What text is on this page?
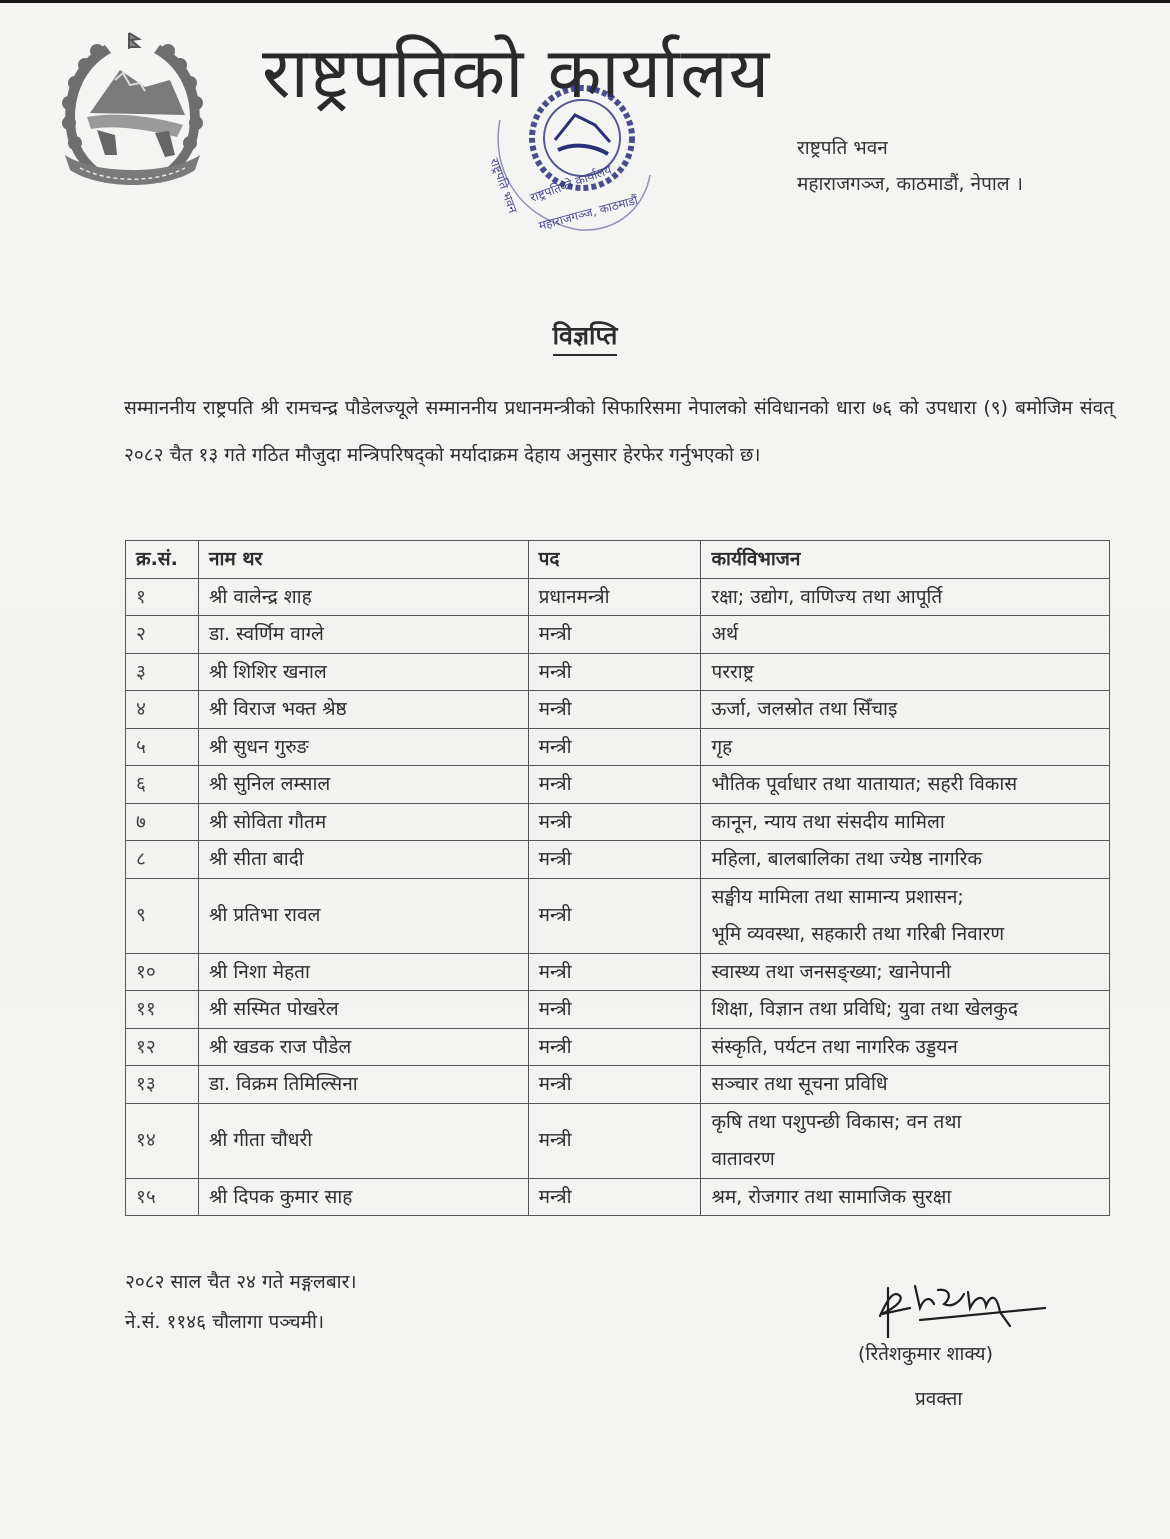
राष्ट्रपतिको कार्यालय
राष्ट्रपति भवन राष्ट्रपतिको कार्यालय
महाराजगञ्ज, काठमाडौं
राष्ट्रपति भवन
महाराजगञ्ज, काठमाडौं, नेपाल ।
विज्ञप्ति
सम्माननीय राष्ट्रपति श्री रामचन्द्र पौडेलज्यूले सम्माननीय प्रधानमन्त्रीको सिफारिसमा नेपालको संविधानको धारा ७६ को उपधारा (९) बमोजिम संवत् २०८२ चैत १३ गते गठित मौजुदा मन्त्रिपरिषद्को मर्यादाक्रम देहाय अनुसार हेरफेर गर्नुभएको छ।
क्र.सं.	नाम थर	पद	कार्यविभाजन
१	श्री वालेन्द्र शाह	प्रधानमन्त्री	रक्षा; उद्योग, वाणिज्य तथा आपूर्ति
२	डा. स्वर्णिम वाग्ले	मन्त्री	अर्थ
३	श्री शिशिर खनाल	मन्त्री	परराष्ट्र
४	श्री विराज भक्त श्रेष्ठ	मन्त्री	ऊर्जा, जलस्रोत तथा सिँचाइ
५	श्री सुधन गुरुङ	मन्त्री	गृह
६	श्री सुनिल लम्साल	मन्त्री	भौतिक पूर्वाधार तथा यातायात; सहरी विकास
७	श्री सोविता गौतम	मन्त्री	कानून, न्याय तथा संसदीय मामिला
८	श्री सीता बादी	मन्त्री	महिला, बालबालिका तथा ज्येष्ठ नागरिक
९	श्री प्रतिभा रावल	मन्त्री	सङ्घीय मामिला तथा सामान्य प्रशासन;
भूमि व्यवस्था, सहकारी तथा गरिबी निवारण

१०	श्री निशा मेहता	मन्त्री	स्वास्थ्य तथा जनसङ्ख्या; खानेपानी
११	श्री सस्मित पोखरेल	मन्त्री	शिक्षा, विज्ञान तथा प्रविधि; युवा तथा खेलकुद
१२	श्री खडक राज पौडेल	मन्त्री	संस्कृति, पर्यटन तथा नागरिक उड्डयन
१३	डा. विक्रम तिमिल्सिना	मन्त्री	सञ्चार तथा सूचना प्रविधि
१४	श्री गीता चौधरी	मन्त्री	कृषि तथा पशुपन्छी विकास; वन तथा
वातावरण

१५	श्री दिपक कुमार साह	मन्त्री	श्रम, रोजगार तथा सामाजिक सुरक्षा
२०८२ साल चैत २४ गते मङ्गलबार।
ने.सं. ११४६ चौलागा पञ्चमी।
(रितेशकुमार शाक्य)
प्रवक्ता
